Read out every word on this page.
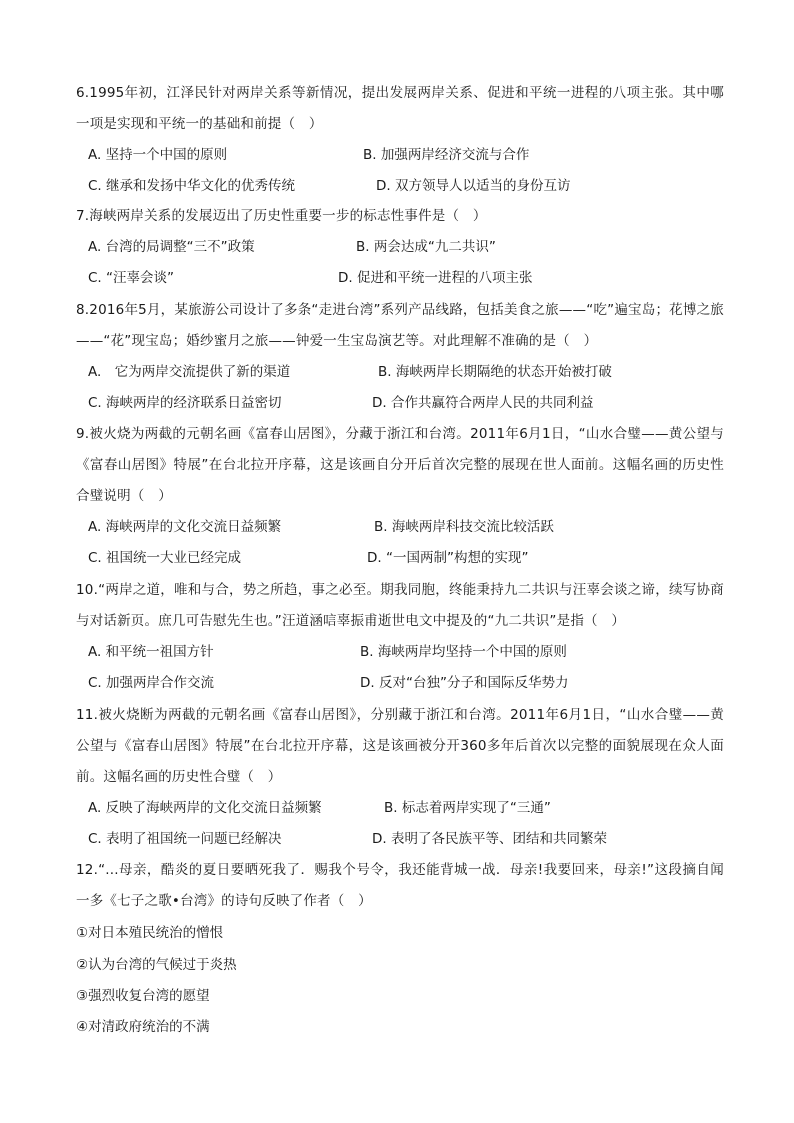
6.1995年初，江泽民针对两岸关系等新情况，提出发展两岸关系、促进和平统一进程的八项主张。其中哪一项是实现和平统一的基础和前提（　）

A. 坚持一个中国的原则	B. 加强两岸经济交流与合作
C. 继承和发扬中华文化的优秀传统	D. 双方领导人以适当的身份互访

7.海峡两岸关系的发展迈出了历史性重要一步的标志性事件是（　）

A. 台湾的局调整“三不”政策	B. 两会达成“九二共识”
C. “汪辜会谈”	D. 促进和平统一进程的八项主张

8.2016年5月，某旅游公司设计了多条“走进台湾”系列产品线路，包括美食之旅——“吃”遍宝岛；花博之旅——“花”现宝岛；婚纱蜜月之旅——钟爱一生宝岛演艺等。对此理解不准确的是（　）

A.　它为两岸交流提供了新的渠道	B. 海峡两岸长期隔绝的状态开始被打破
C. 海峡两岸的经济联系日益密切	D. 合作共赢符合两岸人民的共同利益

9.被火烧为两截的元朝名画《富春山居图》，分藏于浙江和台湾。2011年6月1日，“山水合璧——黄公望与《富春山居图》特展”在台北拉开序幕，这是该画自分开后首次完整的展现在世人面前。这幅名画的历史性合璧说明（　）

A. 海峡两岸的文化交流日益频繁	B. 海峡两岸科技交流比较活跃
C. 祖国统一大业已经完成	D. “一国两制”构想的实现”

10.“两岸之道，唯和与合，势之所趋，事之必至。期我同胞，终能秉持九二共识与汪辜会谈之谛，续写协商与对话新页。庶几可告慰先生也。”汪道涵唁辜振甫逝世电文中提及的“九二共识”是指（　）

A. 和平统一祖国方针	B. 海峡两岸均坚持一个中国的原则
C. 加强两岸合作交流	D. 反对“台独”分子和国际反华势力

11.被火烧断为两截的元朝名画《富春山居图》，分别藏于浙江和台湾。2011年6月1日，“山水合璧——黄公望与《富春山居图》特展”在台北拉开序幕，这是该画被分开360多年后首次以完整的面貌展现在众人面前。这幅名画的历史性合璧（　）

A. 反映了海峡两岸的文化交流日益频繁	B. 标志着两岸实现了“三通”
C. 表明了祖国统一问题已经解决	D. 表明了各民族平等、团结和共同繁荣

12.“...母亲，酷炎的夏日要晒死我了．赐我个号令，我还能背城一战．母亲!我要回来，母亲!”这段摘自闻一多《七子之歌•台湾》的诗句反映了作者（　）

①对日本殖民统治的憎恨
②认为台湾的气候过于炎热
③强烈收复台湾的愿望
④对清政府统治的不满
